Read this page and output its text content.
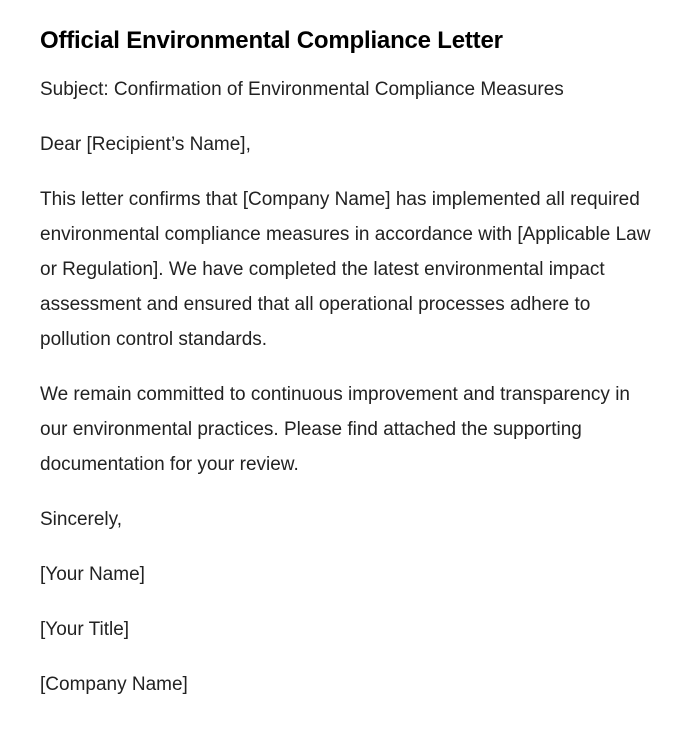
Official Environmental Compliance Letter

Subject: Confirmation of Environmental Compliance Measures

Dear [Recipient’s Name],

This letter confirms that [Company Name] has implemented all required environmental compliance measures in accordance with [Applicable Law or Regulation]. We have completed the latest environmental impact assessment and ensured that all operational processes adhere to pollution control standards.

We remain committed to continuous improvement and transparency in our environmental practices. Please find attached the supporting documentation for your review.

Sincerely,

[Your Name]

[Your Title]

[Company Name]
